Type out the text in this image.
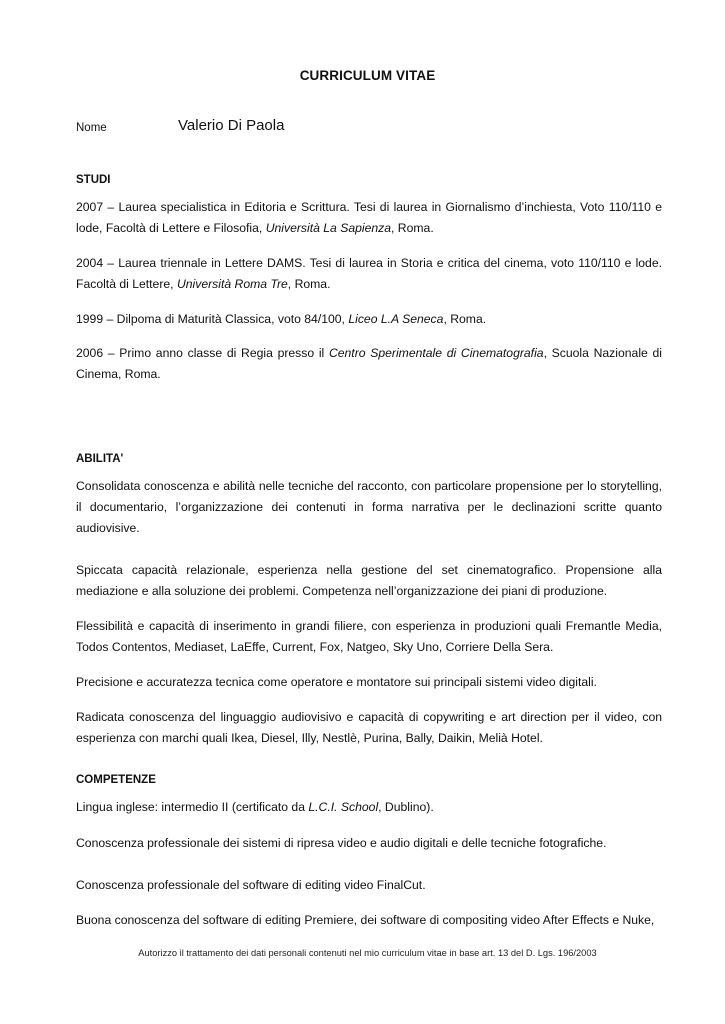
CURRICULUM VITAE
Nome	Valerio Di Paola
STUDI
2007 – Laurea specialistica in Editoria e Scrittura. Tesi di laurea in Giornalismo d’inchiesta, Voto 110/110 e lode, Facoltà di Lettere e Filosofia, Università La Sapienza, Roma.
2004 – Laurea triennale in Lettere DAMS. Tesi di laurea in Storia e critica del cinema, voto 110/110 e lode. Facoltà di Lettere, Università Roma Tre, Roma.
1999 – Dilpoma di Maturità Classica, voto 84/100, Liceo L.A Seneca, Roma.
2006 – Primo anno classe di Regia presso il Centro Sperimentale di Cinematografia, Scuola Nazionale di Cinema, Roma.
ABILITA'
Consolidata conoscenza e abilità nelle tecniche del racconto, con particolare propensione per lo storytelling, il documentario, l’organizzazione dei contenuti in forma narrativa per le declinazioni scritte quanto audiovisive.
Spiccata capacità relazionale, esperienza nella gestione del set cinematografico. Propensione alla mediazione e alla soluzione dei problemi. Competenza nell’organizzazione dei piani di produzione.
Flessibilità e capacità di inserimento in grandi filiere, con esperienza in produzioni quali Fremantle Media, Todos Contentos, Mediaset, LaEffe, Current, Fox, Natgeo, Sky Uno, Corriere Della Sera.
Precisione e accuratezza tecnica come operatore e montatore sui principali sistemi video digitali.
Radicata conoscenza del linguaggio audiovisivo e capacità di copywriting e art direction per il video, con esperienza con marchi quali Ikea, Diesel, Illy, Nestlè, Purina, Bally, Daikin, Melià Hotel.
COMPETENZE
Lingua inglese: intermedio II (certificato da L.C.I. School, Dublino).
Conoscenza professionale dei sistemi di ripresa video e audio digitali e delle tecniche fotografiche.
Conoscenza professionale del software di editing video FinalCut.
Buona conoscenza del software di editing Premiere, dei software di compositing video After Effects e Nuke,
Autorizzo il trattamento dei dati personali contenuti nel mio curriculum vitae in base art. 13 del D. Lgs. 196/2003
